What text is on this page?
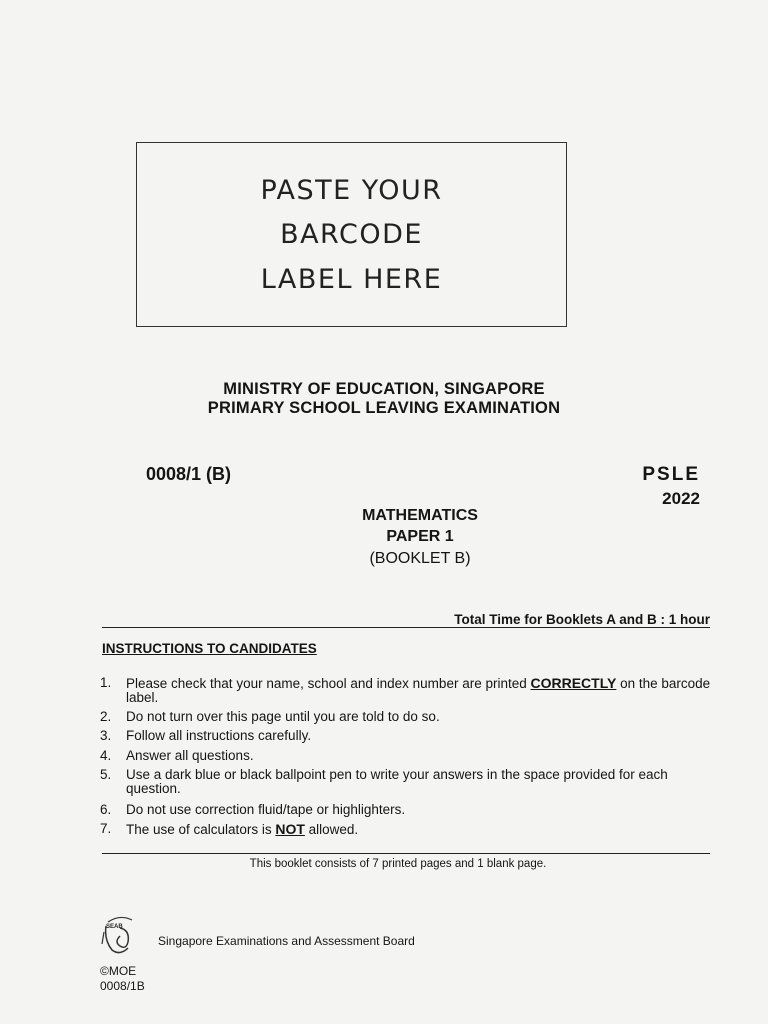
PASTE YOUR
BARCODE
LABEL HERE
MINISTRY OF EDUCATION, SINGAPORE
PRIMARY SCHOOL LEAVING EXAMINATION
0008/1 (B)	PSLE
2022
MATHEMATICS
PAPER 1
(BOOKLET B)
Total Time for Booklets A and B : 1 hour
INSTRUCTIONS TO CANDIDATES
1.	Please check that your name, school and index number are printed CORRECTLY on the barcode label.
2.	Do not turn over this page until you are told to do so.
3.	Follow all instructions carefully.
4.	Answer all questions.
5.	Use a dark blue or black ballpoint pen to write your answers in the space provided for each question.
6.	Do not use correction fluid/tape or highlighters.
7.	The use of calculators is NOT allowed.
This booklet consists of 7 printed pages and 1 blank page.
SEAB
Singapore Examinations and Assessment Board
©MOE
0008/1B
